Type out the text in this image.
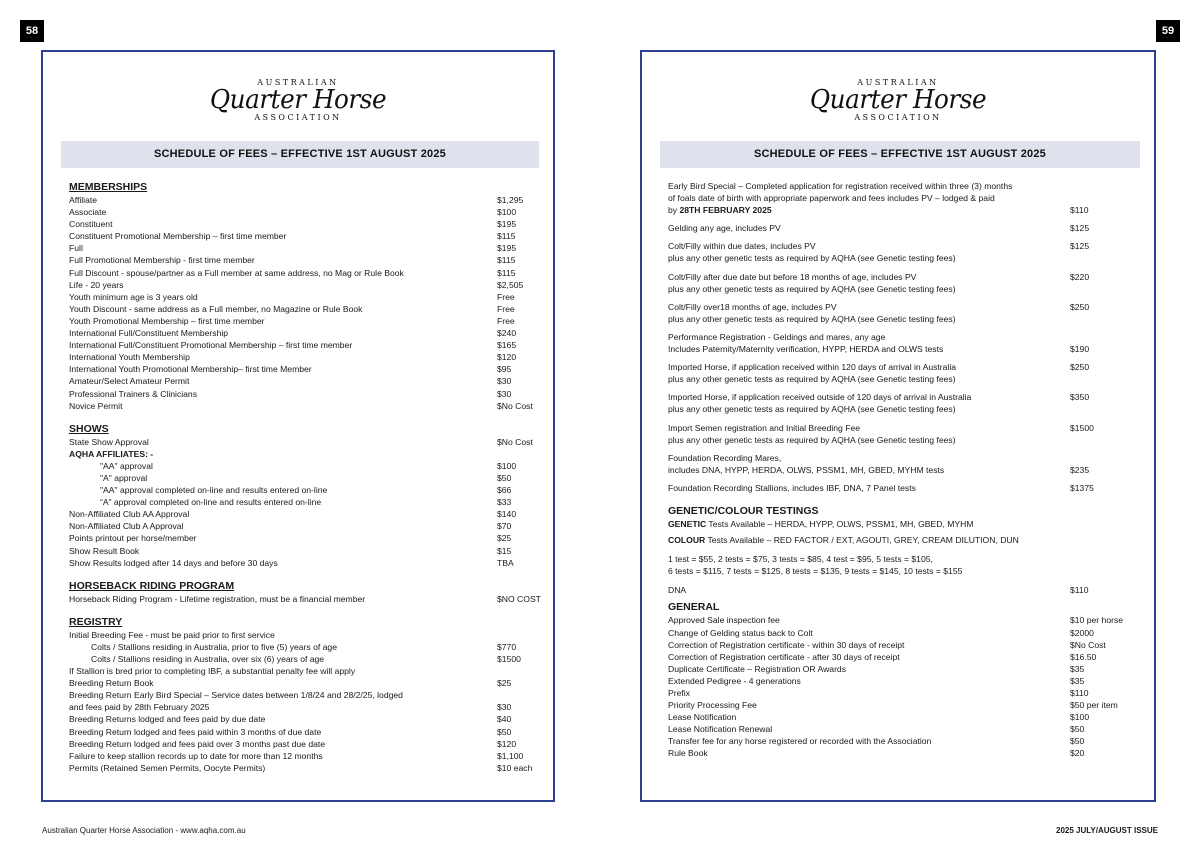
58	59
AUSTRALIAN
Quarter Horse
ASSOCIATION
SCHEDULE OF FEES – EFFECTIVE 1ST AUGUST 2025
MEMBERSHIPS
Affiliate	$1,295
Associate	$100
Constituent	$195
Constituent Promotional Membership – first time member	$115
Full	$195
Full Promotional Membership - first time member	$115
Full Discount - spouse/partner as a Full member at same address, no Mag or Rule Book	$115
Life - 20 years	$2,505
Youth minimum age is 3 years old	Free
Youth Discount - same address as a Full member, no Magazine or Rule Book	Free
Youth Promotional Membership – first time member	Free
International Full/Constituent Membership	$240
International Full/Constituent Promotional Membership – first time member	$165
International Youth Membership	$120
International Youth Promotional Membership– first time Member	$95
Amateur/Select Amateur Permit	$30
Professional Trainers & Clinicians	$30
Novice Permit	$No Cost
SHOWS
State Show Approval	$No Cost
AQHA AFFILIATES: -
"AA" approval	$100
"A" approval	$50
"AA" approval completed on-line and results entered on-line	$66
“A” approval completed on-line and results entered on-line	$33
Non-Affiliated Club AA Approval	$140
Non-Affiliated Club A Approval	$70
Points printout per horse/member	$25
Show Result Book	$15
Show Results lodged after 14 days and before 30 days	TBA
HORSEBACK RIDING PROGRAM
Horseback Riding Program - Lifetime registration, must be a financial member	$NO COST
REGISTRY
Initial Breeding Fee - must be paid prior to first service
Colts / Stallions residing in Australia, prior to five (5) years of age	$770
Colts / Stallions residing in Australia, over six (6) years of age	$1500
If Stallion is bred prior to completing IBF, a substantial penalty fee will apply
Breeding Return Book	$25
Breeding Return Early Bird Special – Service dates between 1/8/24 and 28/2/25, lodged
and fees paid by 28th February 2025	$30
Breeding Returns lodged and fees paid by due date	$40
Breeding Return lodged and fees paid within 3 months of due date	$50
Breeding Return lodged and fees paid over 3 months past due date	$120
Failure to keep stallion records up to date for more than 12 months	$1,100
Permits (Retained Semen Permits, Oocyte Permits)	$10 each
AUSTRALIAN
Quarter Horse
ASSOCIATION
SCHEDULE OF FEES – EFFECTIVE 1ST AUGUST 2025
Early Bird Special – Completed application for registration received within three (3) months
of foals date of birth with appropriate paperwork and fees includes PV – lodged & paid
by 28TH FEBRUARY 2025	$110
Gelding any age, includes PV	$125
Colt/Filly within due dates, includes PV	$125
plus any other genetic tests as required by AQHA (see Genetic testing fees)
Colt/Filly after due date but before 18 months of age, includes PV	$220
plus any other genetic tests as required by AQHA (see Genetic testing fees)
Colt/Filly over18 months of age, includes PV	$250
plus any other genetic tests as required by AQHA (see Genetic testing fees)
Performance Registration - Geldings and mares, any age
Includes Paternity/Maternity verification, HYPP, HERDA and OLWS tests	$190
Imported Horse, if application received within 120 days of arrival in Australia	$250
plus any other genetic tests as required by AQHA (see Genetic testing fees)
Imported Horse, if application received outside of 120 days of arrival in Australia	$350
plus any other genetic tests as required by AQHA (see Genetic testing fees)
Import Semen registration and Initial Breeding Fee	$1500
plus any other genetic tests as required by AQHA (see Genetic testing fees)
Foundation Recording Mares,
includes DNA, HYPP, HERDA, OLWS, PSSM1, MH, GBED, MYHM tests	$235
Foundation Recording Stallions, includes IBF, DNA, 7 Panel tests	$1375
GENETIC/COLOUR TESTINGS
GENETIC Tests Available – HERDA, HYPP, OLWS, PSSM1, MH, GBED, MYHM
COLOUR Tests Available – RED FACTOR / EXT, AGOUTI, GREY, CREAM DILUTION, DUN
1 test = $55, 2 tests = $75, 3 tests = $85, 4 test = $95, 5 tests = $105,
6 tests = $115, 7 tests = $125, 8 tests = $135, 9 tests = $145, 10 tests = $155
DNA	$110
GENERAL
Approved Sale inspection fee	$10 per horse
Change of Gelding status back to Colt	$2000
Correction of Registration certificate - within 30 days of receipt	$No Cost
Correction of Registration certificate - after 30 days of receipt	$16.50
Duplicate Certificate – Registration OR Awards	$35
Extended Pedigree - 4 generations	$35
Prefix	$110
Priority Processing Fee	$50 per item
Lease Notification	$100
Lease Notification Renewal	$50
Transfer fee for any horse registered or recorded with the Association	$50
Rule Book	$20
Australian Quarter Horse Association - www.aqha.com.au	2025 JULY/AUGUST ISSUE
